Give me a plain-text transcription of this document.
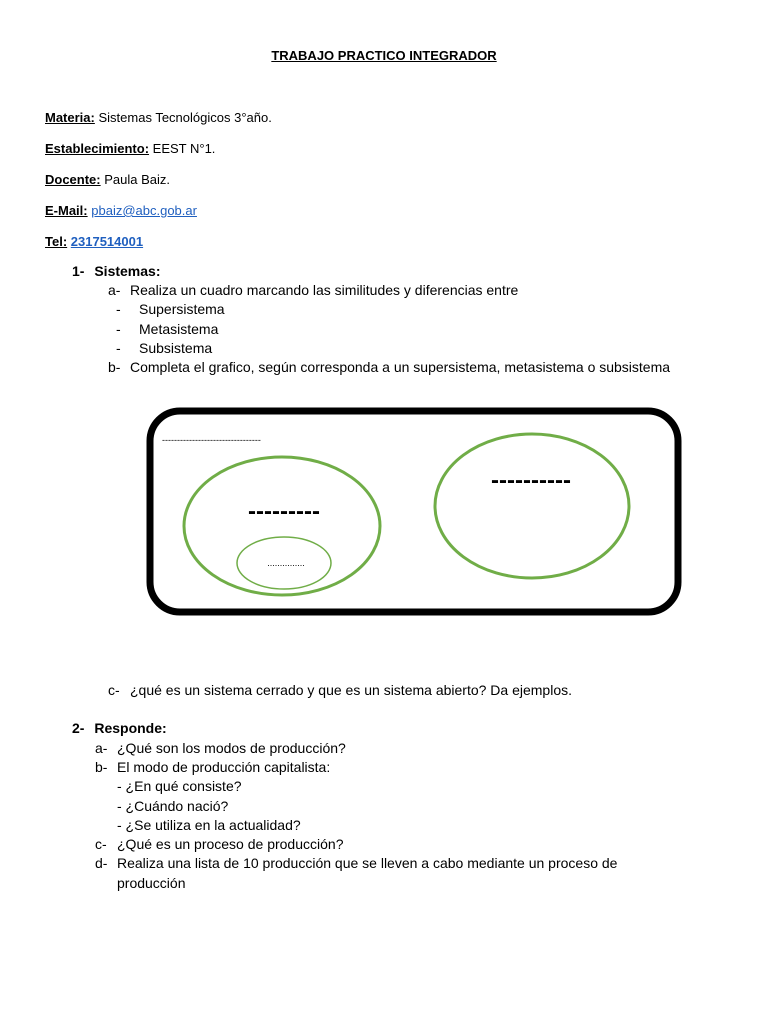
TRABAJO PRACTICO INTEGRADOR
Materia: Sistemas Tecnológicos 3°año.
Establecimiento: EEST N°1.
Docente: Paula Baiz.
E-Mail: pbaiz@abc.gob.ar
Tel: 2317514001
1- Sistemas:
a- Realiza un cuadro marcando las similitudes y diferencias entre
- Supersistema
- Metasistema
- Subsistema
b- Completa el grafico, según corresponda a un supersistema, metasistema o subsistema
---------------------------------
---------
...............
----------
c- ¿qué es un sistema cerrado y que es un sistema abierto? Da ejemplos.
2- Responde:
a- ¿Qué son los modos de producción?
b- El modo de producción capitalista:
- ¿En qué consiste?
- ¿Cuándo nació?
- ¿Se utiliza en la actualidad?
c- ¿Qué es un proceso de producción?
d- Realiza una lista de 10 producción que se lleven a cabo mediante un proceso de
producción
